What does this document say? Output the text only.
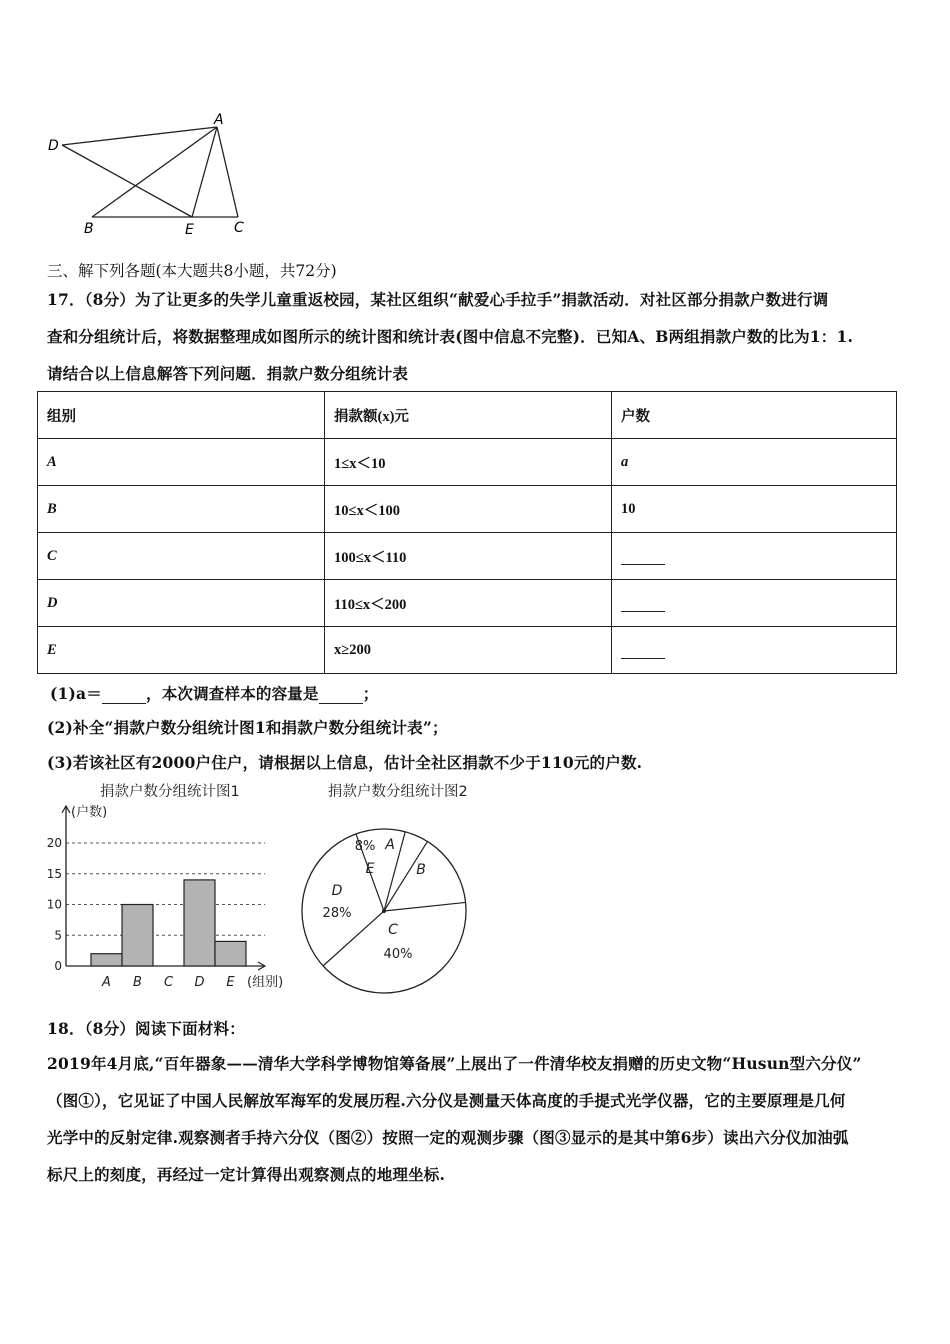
D
A
B	E	C
三、解下列各题(本大题共8小题，共72分)
17．（8分）为了让更多的失学儿童重返校园，某社区组织“献爱心手拉手”捐款活动．对社区部分捐款户数进行调
查和分组统计后，将数据整理成如图所示的统计图和统计表(图中信息不完整)．已知A、B两组捐款户数的比为1：1.
请结合以上信息解答下列问题．捐款户数分组统计表
组别	捐款额(x)元	户数
A	1≤x＜10	a
B	10≤x＜100	10
C	100≤x＜110	
D	110≤x＜200	
E	x≥200	
(1)a＝	，本次调查样本的容量是	；
(2)补全“捐款户数分组统计图1和捐款户数分组统计表”；
(3)若该社区有2000户住户，请根据以上信息，估计全社区捐款不少于110元的户数.
捐款户数分组统计图1
0
5
10
15
20
(户数)
(组别)
A B C D E
捐款户数分组统计图2
A
B
C
40%
D
28%
E
8%
18．（8分）阅读下面材料：
2019年4月底,“百年器象——清华大学科学博物馆筹备展”上展出了一件清华校友捐赠的历史文物“Husun型六分仪”
（图①），它见证了中国人民解放军海军的发展历程.六分仪是测量天体高度的手提式光学仪器，它的主要原理是几何
光学中的反射定律.观察测者手持六分仪（图②）按照一定的观测步骤（图③显示的是其中第6步）读出六分仪加油弧
标尺上的刻度，再经过一定计算得出观察测点的地理坐标.
